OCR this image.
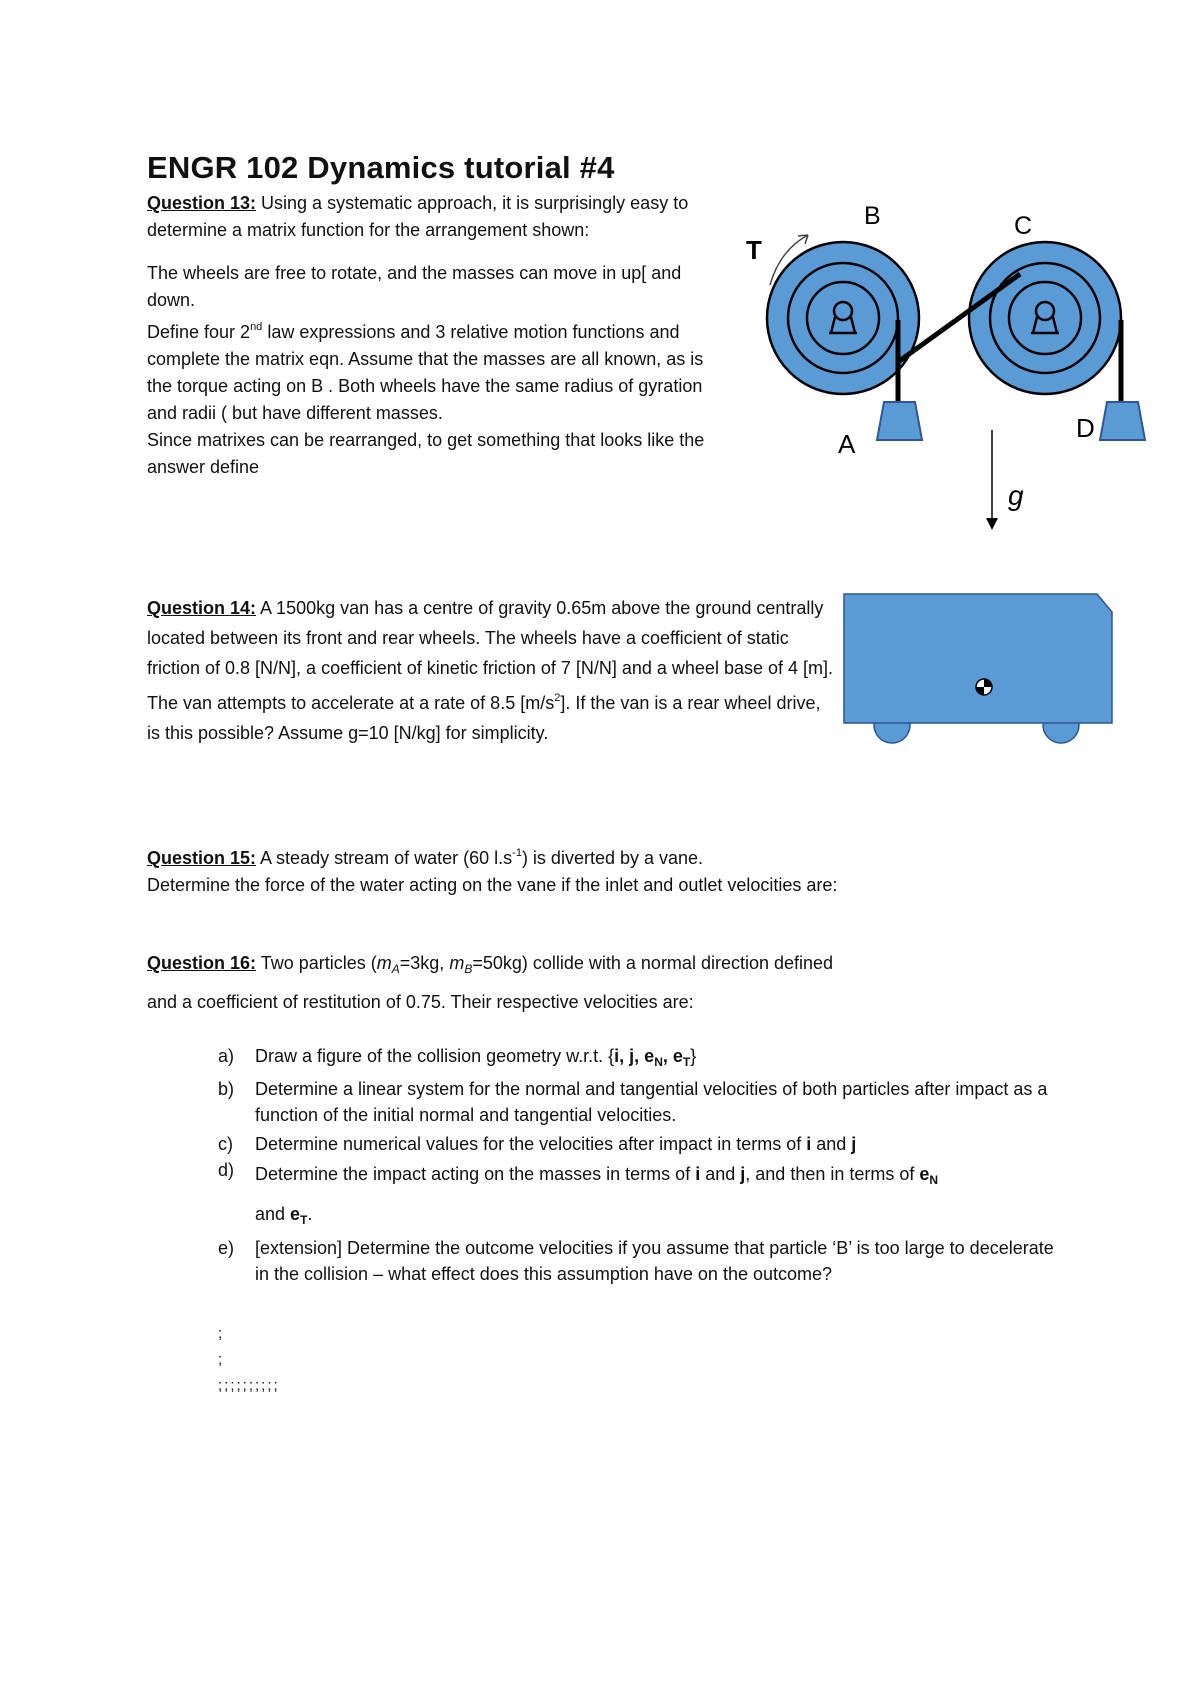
ENGR 102 Dynamics tutorial #4

Question 13: Using a systematic approach, it is surprisingly easy to determine a matrix function for the arrangement shown:

The wheels are free to rotate, and the masses can move in up[ and down.

Define four 2nd law expressions and 3 relative motion functions and complete the matrix eqn. Assume that the masses are all known, as is the torque acting on B . Both wheels have the same radius of gyration and radii ( but have different masses.

Since matrixes can be rearranged, to get something that looks like the answer define

T
B	C
A
D
g
Question 14: A 1500kg van has a centre of gravity 0.65m above the ground centrally located between its front and rear wheels. The wheels have a coefficient of static friction of 0.8 [N/N], a coefficient of kinetic friction of 7 [N/N] and a wheel base of 4 [m]. The van attempts to accelerate at a rate of 8.5 $[m/s^2]$. If the van is a rear wheel drive, is this possible? Assume g=10 [N/kg] for simplicity.
Question 15: A steady stream of water (60 $l.s^{-1}$) is diverted by a vane.
Determine the force of the water acting on the vane if the inlet and outlet velocities are:
Question 16: Two particles ($m_A=3kg$, $m_B=50kg$) collide with a normal direction defined
and a coefficient of restitution of 0.75. Their respective velocities are:
a) Draw a figure of the collision geometry w.r.t. {i, j, $e_N$, $e_T$}
b) Determine a linear system for the normal and tangential velocities of both particles after impact as a function of the initial normal and tangential velocities.
c) Determine numerical values for the velocities after impact in terms of i and j
d) Determine the impact acting on the masses in terms of i and j, and then in terms of $e_N$
and $e_T$.
e) [extension] Determine the outcome velocities if you assume that particle ‘B’ is too large to decelerate in the collision – what effect does this assumption have on the outcome?
;
;
;;;;;;;;;;
